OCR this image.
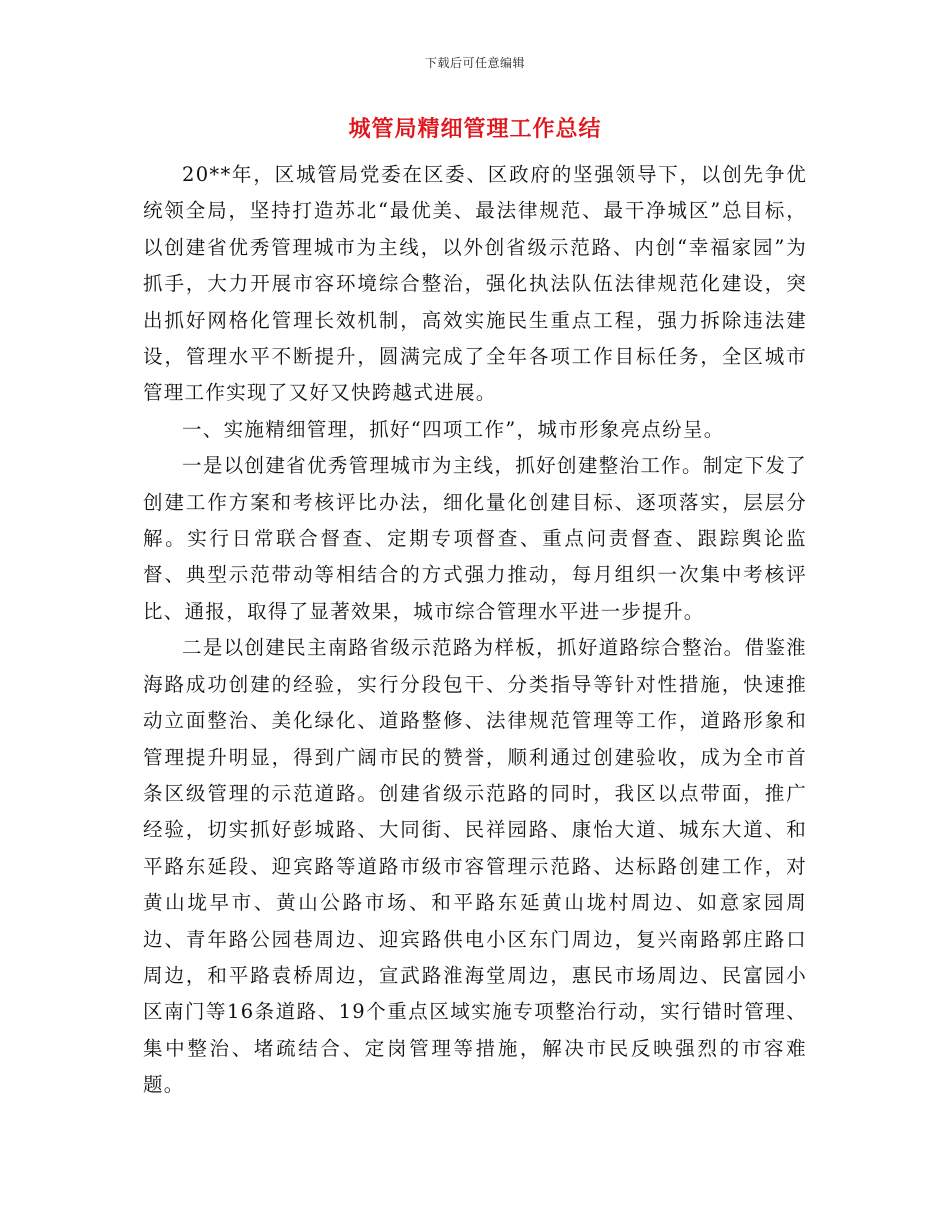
下载后可任意编辑
城管局精细管理工作总结

20**年，区城管局党委在区委、区政府的坚强领导下，以创先争优统领全局，坚持打造苏北“最优美、最法律规范、最干净城区”总目标，以创建省优秀管理城市为主线，以外创省级示范路、内创“幸福家园”为抓手，大力开展市容环境综合整治，强化执法队伍法律规范化建设，突出抓好网格化管理长效机制，高效实施民生重点工程，强力拆除违法建设，管理水平不断提升，圆满完成了全年各项工作目标任务，全区城市管理工作实现了又好又快跨越式进展。

一、实施精细管理，抓好“四项工作”，城市形象亮点纷呈。

一是以创建省优秀管理城市为主线，抓好创建整治工作。制定下发了创建工作方案和考核评比办法，细化量化创建目标、逐项落实，层层分解。实行日常联合督查、定期专项督查、重点问责督查、跟踪舆论监督、典型示范带动等相结合的方式强力推动，每月组织一次集中考核评比、通报，取得了显著效果，城市综合管理水平进一步提升。

二是以创建民主南路省级示范路为样板，抓好道路综合整治。借鉴淮海路成功创建的经验，实行分段包干、分类指导等针对性措施，快速推动立面整治、美化绿化、道路整修、法律规范管理等工作，道路形象和管理提升明显，得到广阔市民的赞誉，顺利通过创建验收，成为全市首条区级管理的示范道路。创建省级示范路的同时，我区以点带面，推广经验，切实抓好彭城路、大同街、民祥园路、康怡大道、城东大道、和平路东延段、迎宾路等道路市级市容管理示范路、达标路创建工作，对黄山垅早市、黄山公路市场、和平路东延黄山垅村周边、如意家园周边、青年路公园巷周边、迎宾路供电小区东门周边，复兴南路郭庄路口周边，和平路袁桥周边，宣武路淮海堂周边，惠民市场周边、民富园小区南门等16条道路、19个重点区域实施专项整治行动，实行错时管理、集中整治、堵疏结合、定岗管理等措施，解决市民反映强烈的市容难题。
